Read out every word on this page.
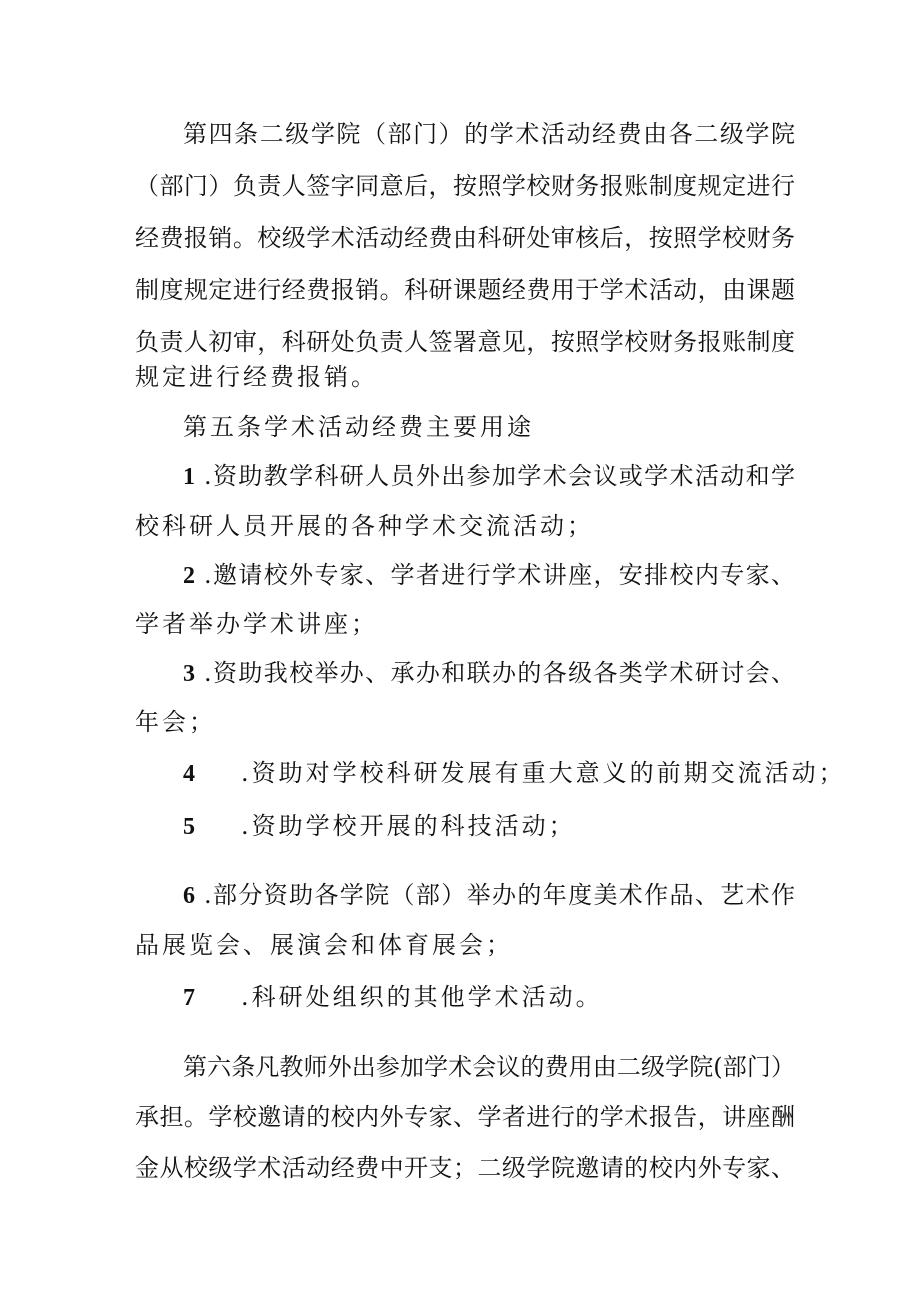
第四条二级学院（部门）的学术活动经费由各二级学院
（部门）负责人签字同意后，按照学校财务报账制度规定进行
经费报销。校级学术活动经费由科研处审核后，按照学校财务
制度规定进行经费报销。科研课题经费用于学术活动，由课题
负责人初审，科研处负责人签署意见，按照学校财务报账制度
规定进行经费报销。
第五条学术活动经费主要用途
1 .资助教学科研人员外出参加学术会议或学术活动和学
校科研人员开展的各种学术交流活动；
2 .邀请校外专家、学者进行学术讲座，安排校内专家、
学者举办学术讲座；
3 .资助我校举办、承办和联办的各级各类学术研讨会、
年会；
4 .资助对学校科研发展有重大意义的前期交流活动；
5 .资助学校开展的科技活动；
6 .部分资助各学院（部）举办的年度美术作品、艺术作
品展览会、展演会和体育展会；
7 .科研处组织的其他学术活动。
第六条凡教师外出参加学术会议的费用由二级学院(部门）
承担。学校邀请的校内外专家、学者进行的学术报告，讲座酬
金从校级学术活动经费中开支；二级学院邀请的校内外专家、
